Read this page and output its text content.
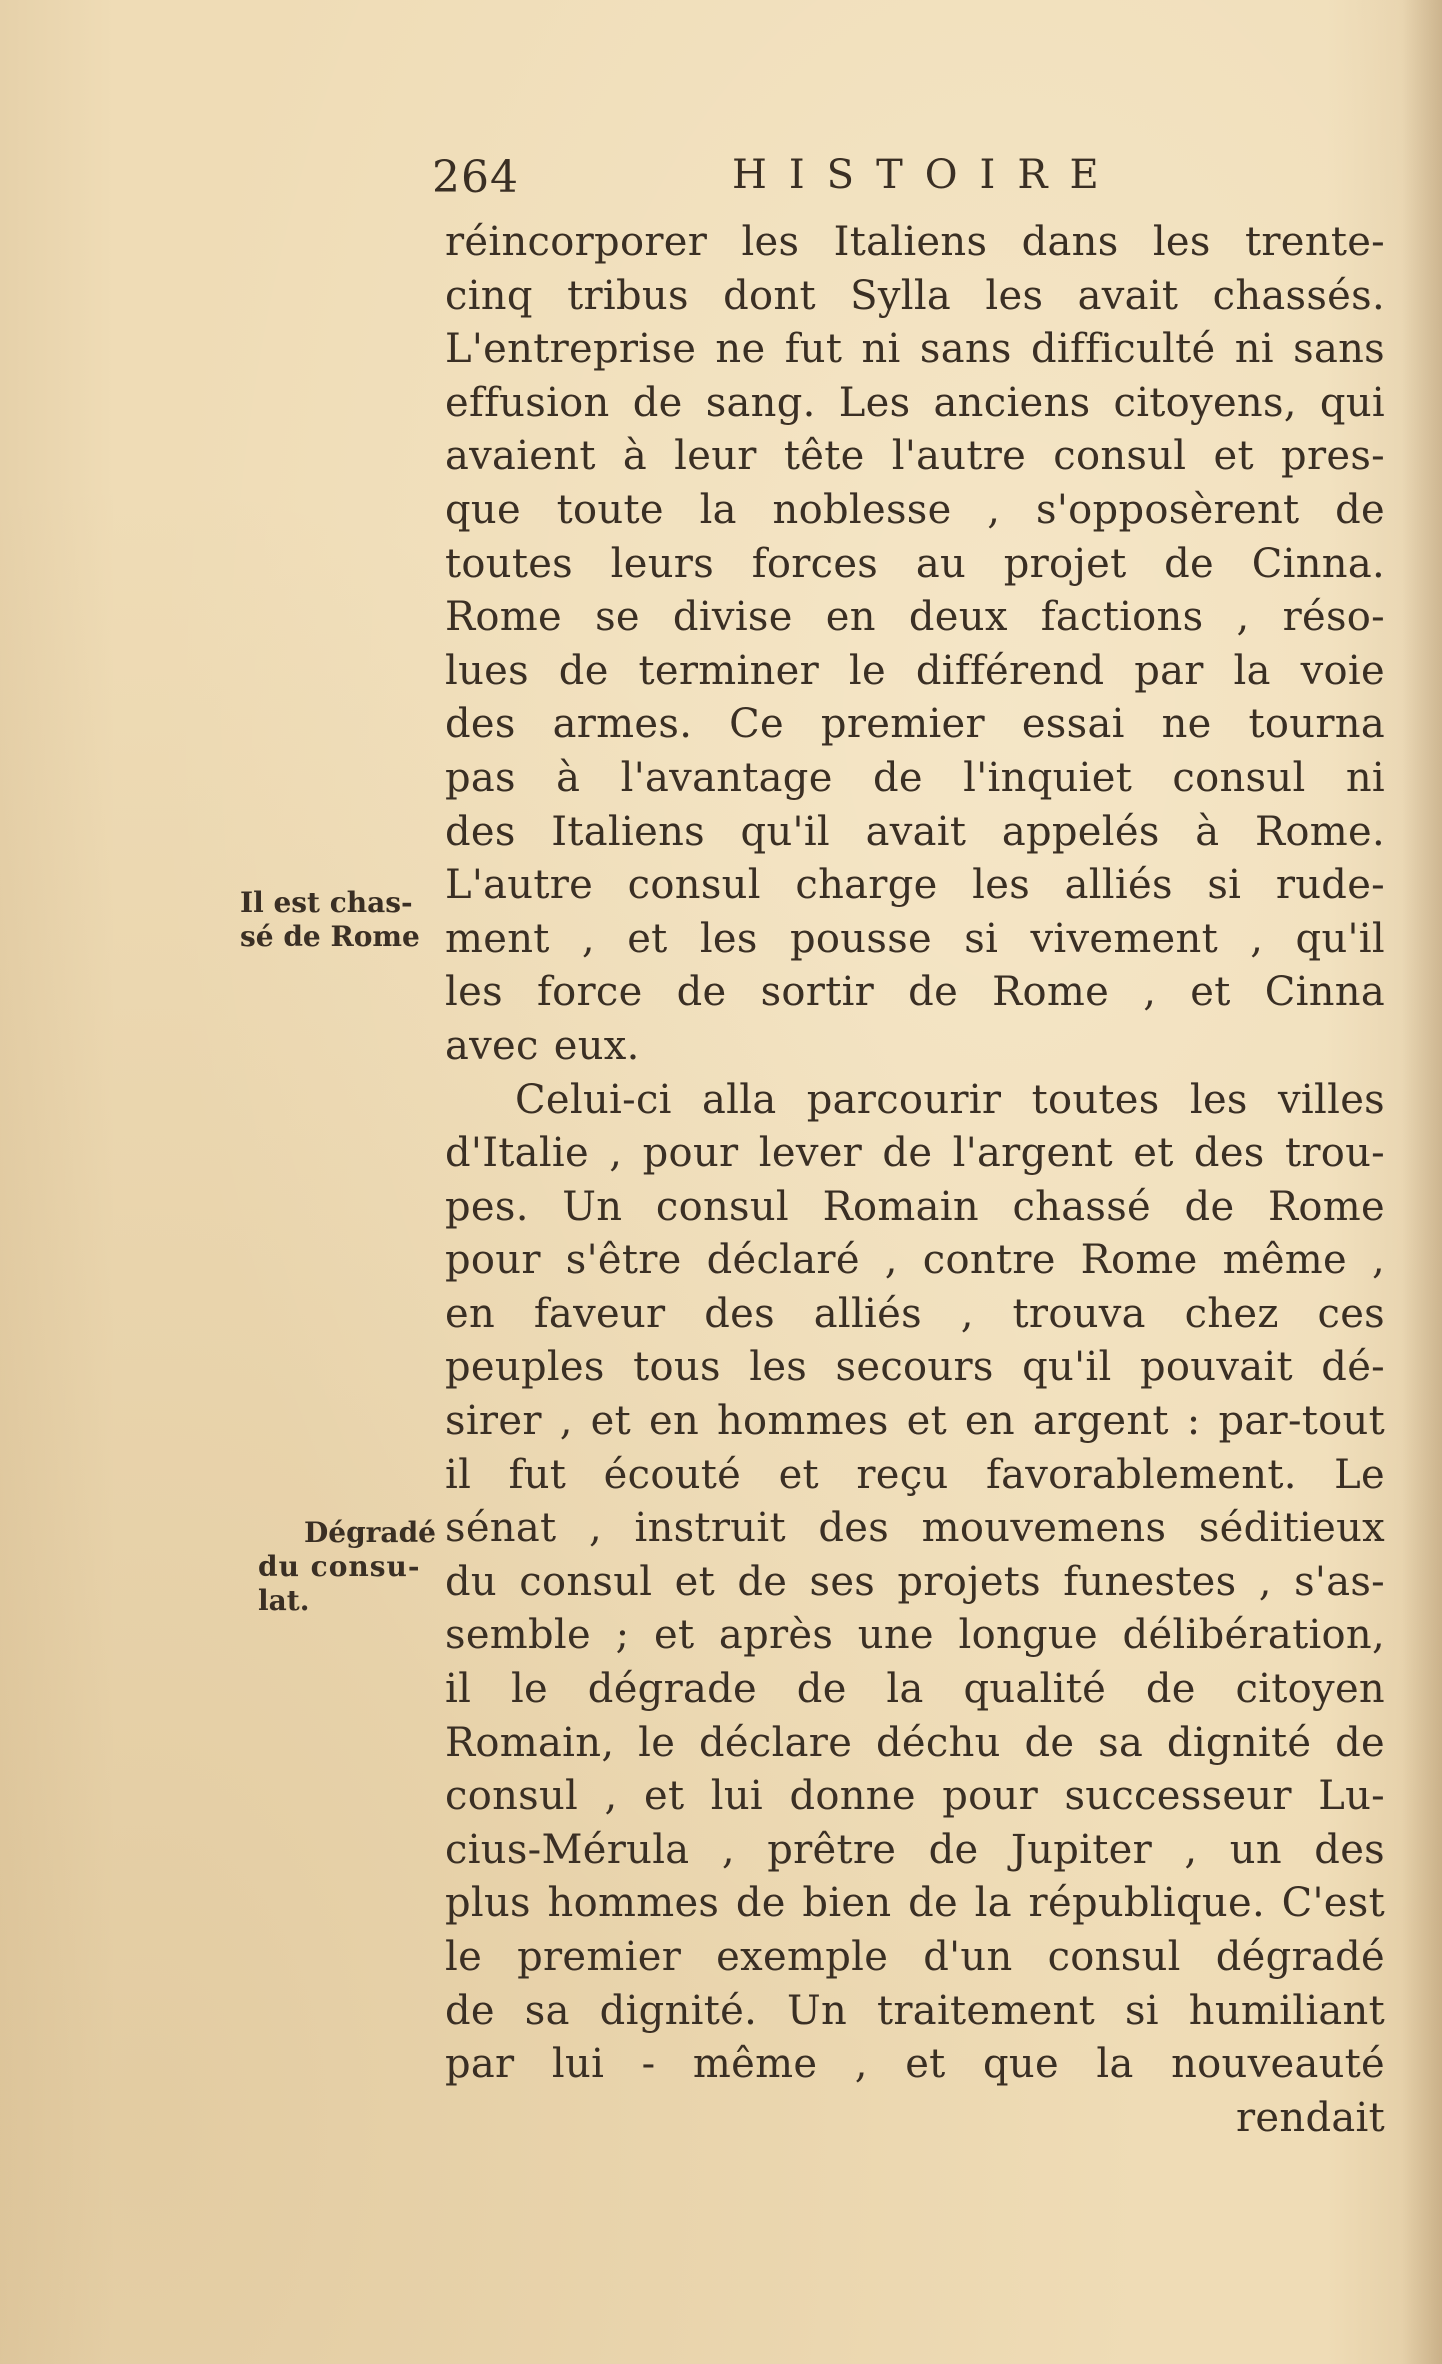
264	HISTOIRE
Il est chas-
sé de Rome
Dégradé
du consu-
lat.
réincorporer les Italiens dans les trente-
cinq tribus dont Sylla les avait chassés.
L'entreprise ne fut ni sans difficulté ni sans
effusion de sang. Les anciens citoyens, qui
avaient à leur tête l'autre consul et pres-
que toute la noblesse , s'opposèrent de
toutes leurs forces au projet de Cinna.
Rome se divise en deux factions , réso-
lues de terminer le différend par la voie
des armes. Ce premier essai ne tourna
pas à l'avantage de l'inquiet consul ni
des Italiens qu'il avait appelés à Rome.
L'autre consul charge les alliés si rude-
ment , et les pousse si vivement , qu'il
les force de sortir de Rome , et Cinna
avec eux.
Celui-ci alla parcourir toutes les villes
d'Italie , pour lever de l'argent et des trou-
pes. Un consul Romain chassé de Rome
pour s'être déclaré , contre Rome même ,
en faveur des alliés , trouva chez ces
peuples tous les secours qu'il pouvait dé-
sirer , et en hommes et en argent : par-tout
il fut écouté et reçu favorablement. Le
sénat , instruit des mouvemens séditieux
du consul et de ses projets funestes , s'as-
semble ; et après une longue délibération,
il le dégrade de la qualité de citoyen
Romain, le déclare déchu de sa dignité de
consul , et lui donne pour successeur Lu-
cius-Mérula , prêtre de Jupiter , un des
plus hommes de bien de la république. C'est
le premier exemple d'un consul dégradé
de sa dignité. Un traitement si humiliant
par lui - même , et que la nouveauté
rendait
